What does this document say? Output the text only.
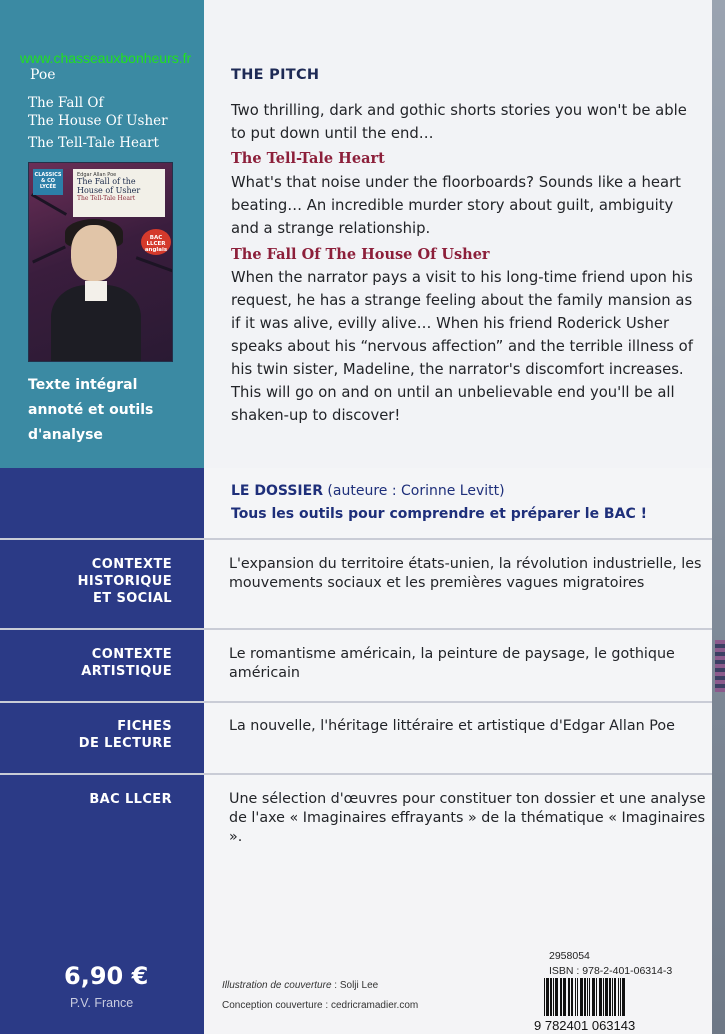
www.chasseauxbonheurs.fr
Poe
The Fall Of
The House Of Usher
The Tell-Tale Heart
CLASSICS & CO LYCÉE
Edgar Allan Poe
The Fall of the House of Usher
The Tell-Tale Heart
BAC LLCER anglais
Texte intégral
annoté et outils
d'analyse
THE PITCH
Two thrilling, dark and gothic shorts stories you won't be able to put down until the end…
The Tell-Tale Heart
What's that noise under the floorboards? Sounds like a heart beating… An incredible murder story about guilt, ambiguity and a strange relationship.
The Fall Of The House Of Usher
When the narrator pays a visit to his long-time friend upon his request, he has a strange feeling about the family mansion as if it was alive, evilly alive… When his friend Roderick Usher speaks about his “nervous affection” and the terrible illness of his twin sister, Madeline, the narrator's discomfort increases. This will go on and on until an unbelievable end you'll be all shaken-up to discover!
LE DOSSIER (auteure : Corinne Levitt)
Tous les outils pour comprendre et préparer le BAC !
CONTEXTE
HISTORIQUE
ET SOCIAL
L'expansion du territoire états-unien, la révolution industrielle, les mouvements sociaux et les premières vagues migratoires
CONTEXTE
ARTISTIQUE
Le romantisme américain, la peinture de paysage, le gothique américain
FICHES
DE LECTURE
La nouvelle, l'héritage littéraire et artistique d'Edgar Allan Poe
BAC LLCER	Une sélection d'œuvres pour constituer ton dossier et une analyse de l'axe « Imaginaires effrayants » de la thématique « Imaginaires ».
6,90 €
P.V. France
Illustration de couverture : Solji Lee
Conception couverture : cedricramadier.com
2958054
ISBN : 978-2-401-06314-3
9 782401 063143
